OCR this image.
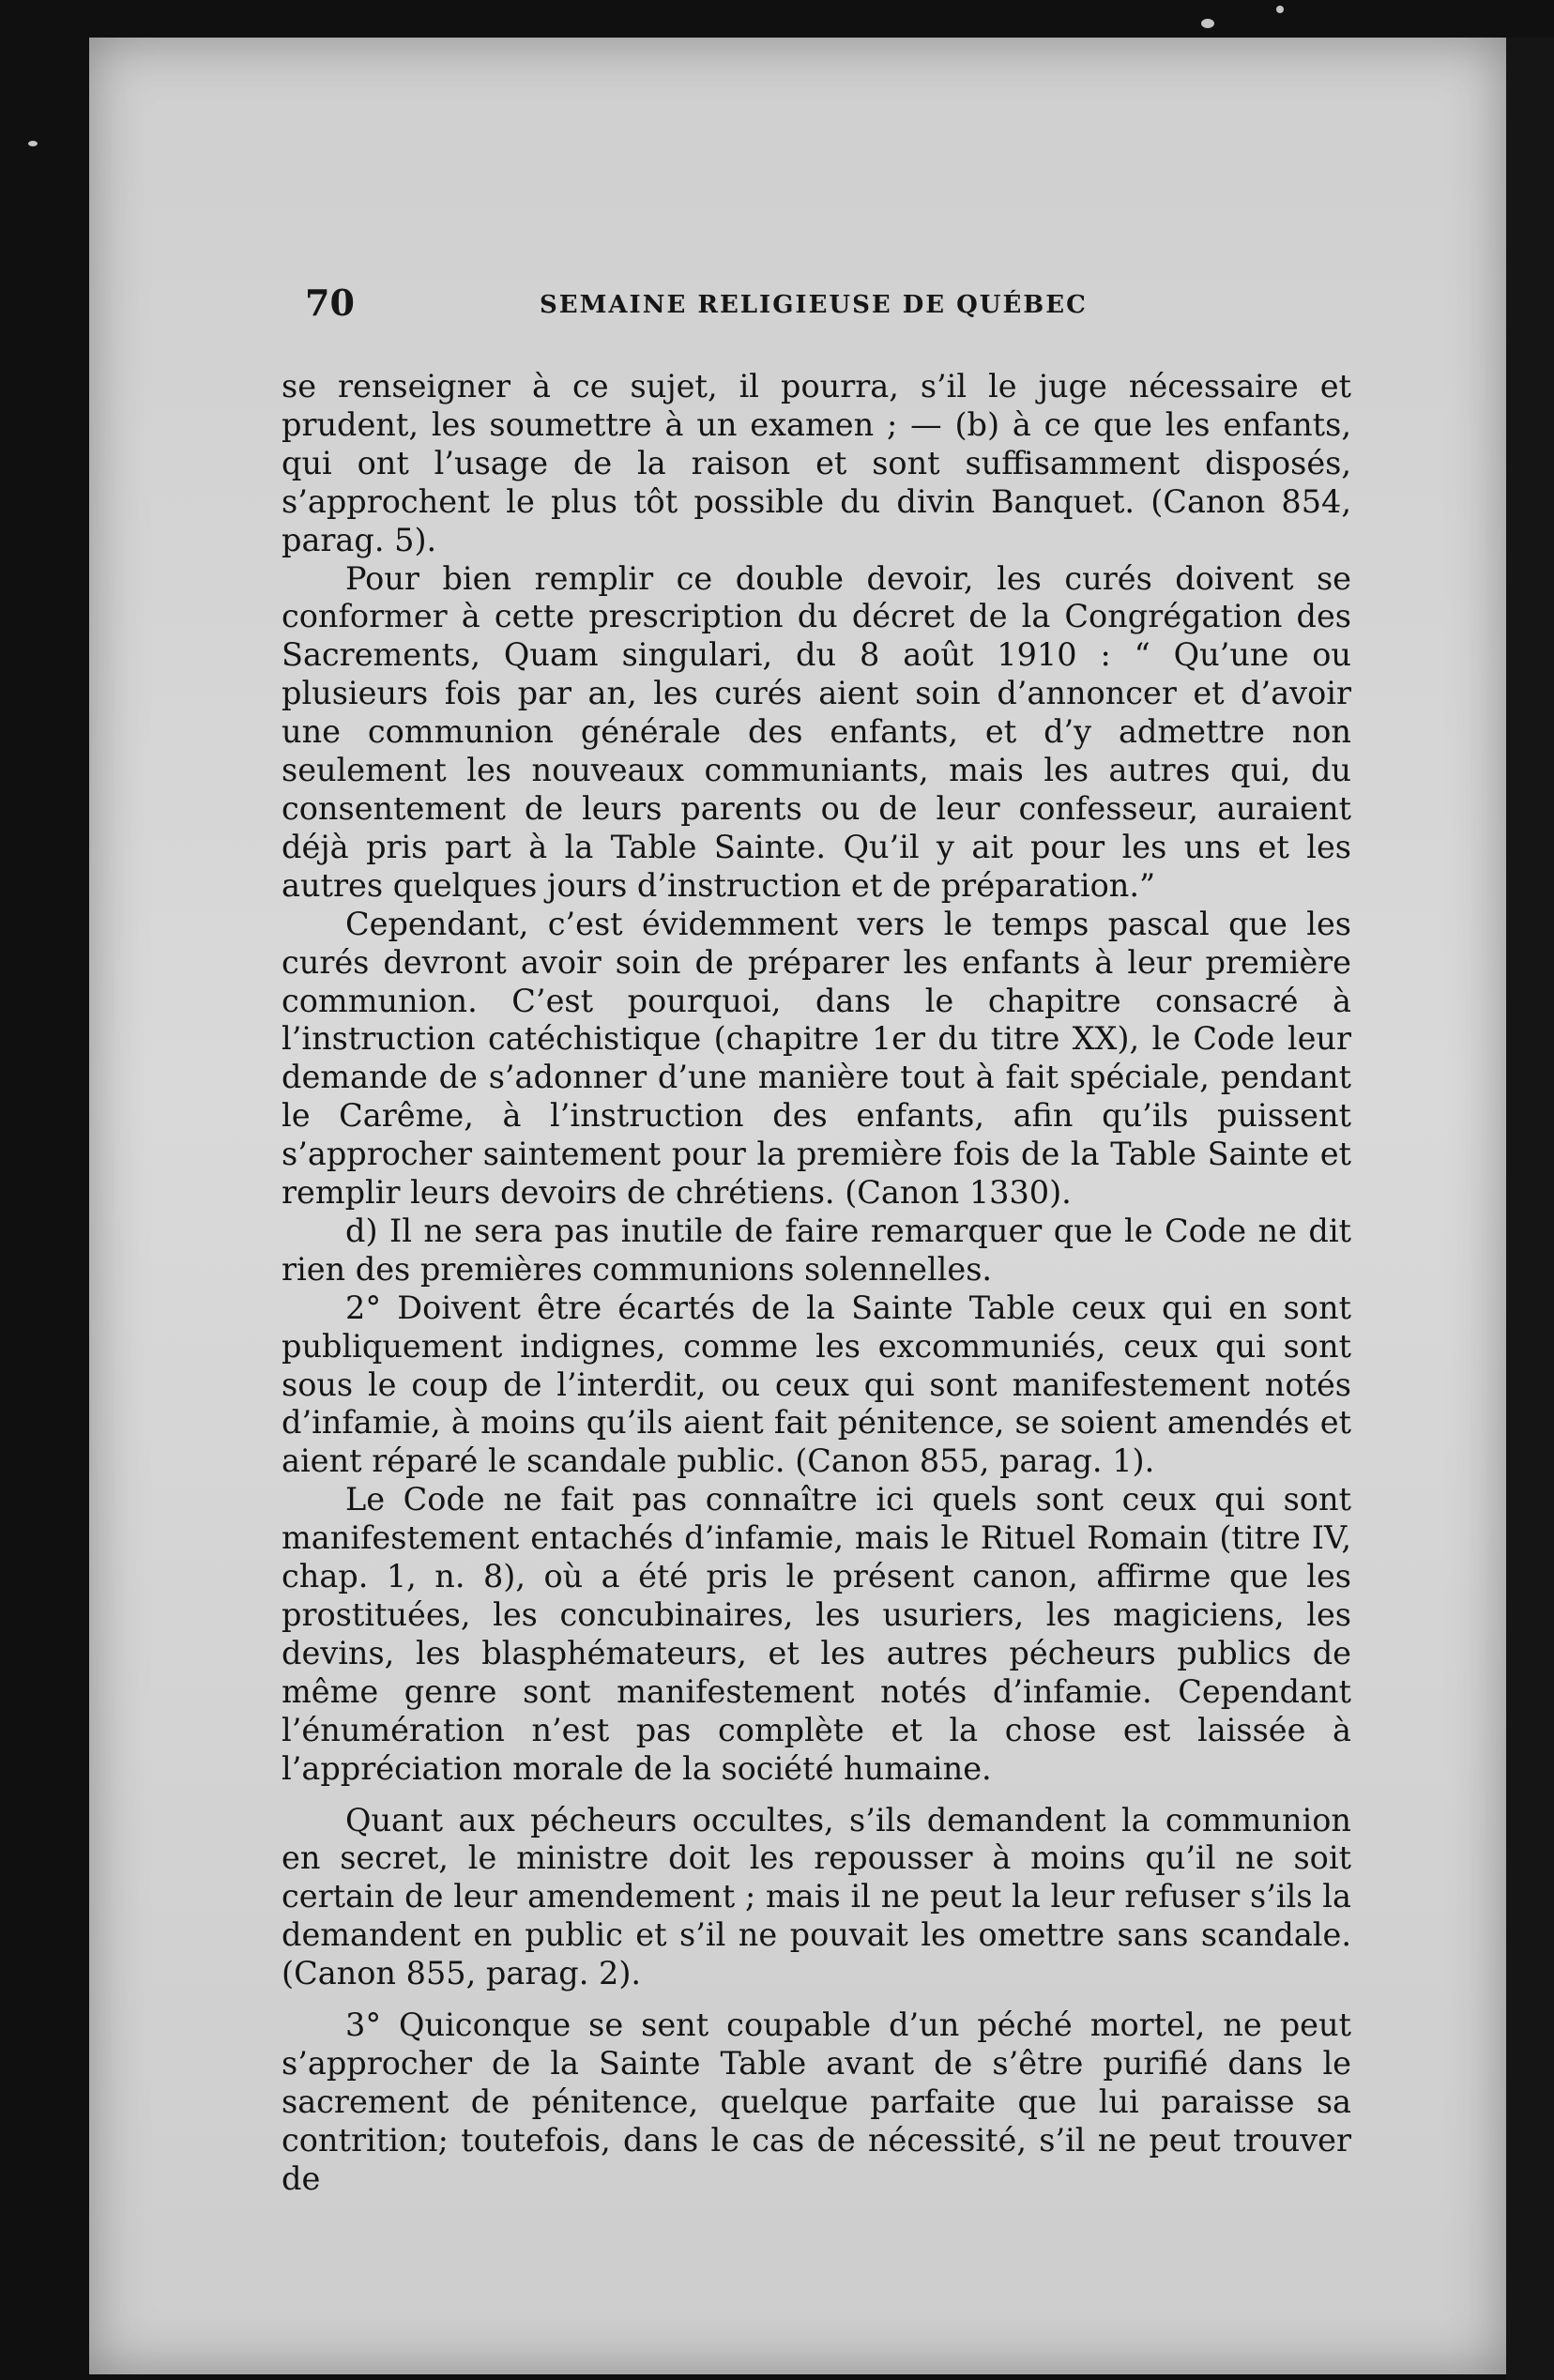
70	SEMAINE RELIGIEUSE DE QUÉBEC

se renseigner à ce sujet, il pourra, s’il le juge nécessaire et prudent, les soumettre à un examen ; — (b) à ce que les enfants, qui ont l’usage de la raison et sont suffisamment disposés, s’approchent le plus tôt possible du divin Banquet. (Canon 854, parag. 5).

Pour bien remplir ce double devoir, les curés doivent se conformer à cette prescription du décret de la Congrégation des Sacrements, Quam singulari, du 8 août 1910 : “ Qu’une ou plusieurs fois par an, les curés aient soin d’annoncer et d’avoir une communion générale des enfants, et d’y admettre non seulement les nouveaux communiants, mais les autres qui, du consentement de leurs parents ou de leur confesseur, auraient déjà pris part à la Table Sainte. Qu’il y ait pour les uns et les autres quelques jours d’instruction et de préparation.”

Cependant, c’est évidemment vers le temps pascal que les curés devront avoir soin de préparer les enfants à leur première communion. C’est pourquoi, dans le chapitre consacré à l’instruction catéchistique (chapitre 1er du titre XX), le Code leur demande de s’adonner d’une manière tout à fait spéciale, pendant le Carême, à l’instruction des enfants, afin qu’ils puissent s’approcher saintement pour la première fois de la Table Sainte et remplir leurs devoirs de chrétiens. (Canon 1330).

d) Il ne sera pas inutile de faire remarquer que le Code ne dit rien des premières communions solennelles.

2° Doivent être écartés de la Sainte Table ceux qui en sont publiquement indignes, comme les excommuniés, ceux qui sont sous le coup de l’interdit, ou ceux qui sont manifestement notés d’infamie, à moins qu’ils aient fait pénitence, se soient amendés et aient réparé le scandale public. (Canon 855, parag. 1).

Le Code ne fait pas connaître ici quels sont ceux qui sont manifestement entachés d’infamie, mais le Rituel Romain (titre IV, chap. 1, n. 8), où a été pris le présent canon, affirme que les prostituées, les concubinaires, les usuriers, les magiciens, les devins, les blasphémateurs, et les autres pécheurs publics de même genre sont manifestement notés d’infamie. Cependant l’énumération n’est pas complète et la chose est laissée à l’appréciation morale de la société humaine.

Quant aux pécheurs occultes, s’ils demandent la communion en secret, le ministre doit les repousser à moins qu’il ne soit certain de leur amendement ; mais il ne peut la leur refuser s’ils la demandent en public et s’il ne pouvait les omettre sans scandale. (Canon 855, parag. 2).

3° Quiconque se sent coupable d’un péché mortel, ne peut s’approcher de la Sainte Table avant de s’être purifié dans le sacrement de pénitence, quelque parfaite que lui paraisse sa contrition; toutefois, dans le cas de nécessité, s’il ne peut trouver de
